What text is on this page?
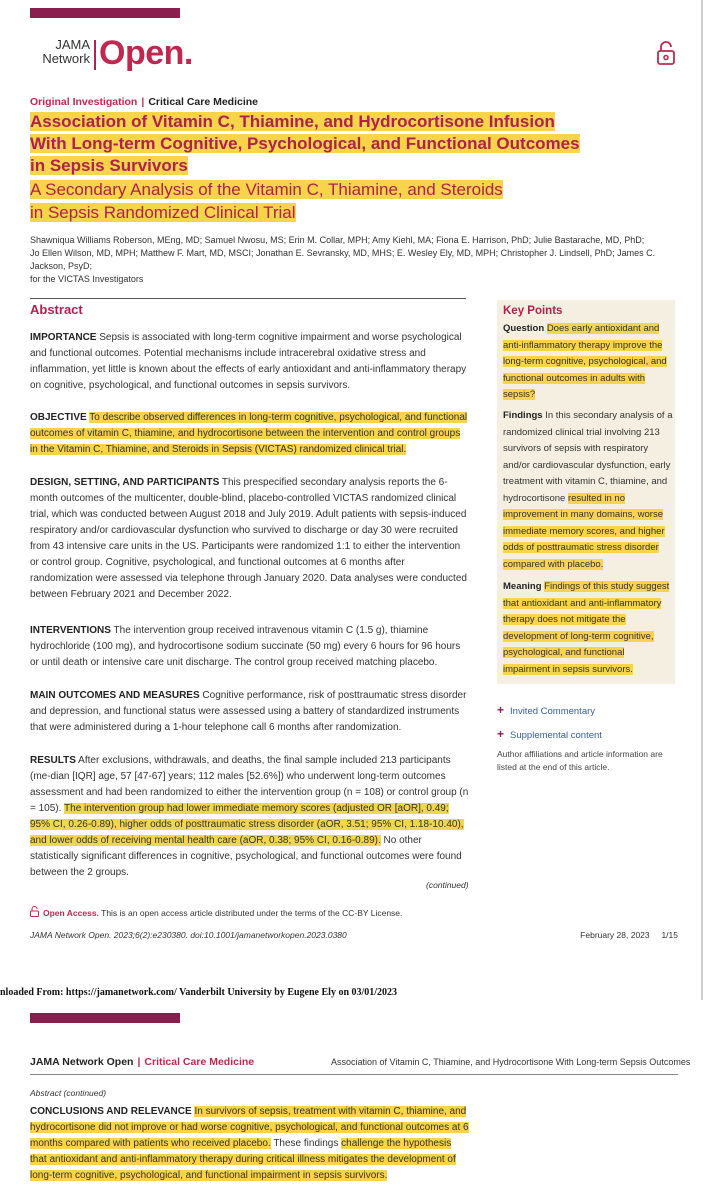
JAMA
Network Open.
Original Investigation | Critical Care Medicine
Association of Vitamin C, Thiamine, and Hydrocortisone Infusion
With Long-term Cognitive, Psychological, and Functional Outcomes
in Sepsis Survivors
A Secondary Analysis of the Vitamin C, Thiamine, and Steroids
in Sepsis Randomized Clinical Trial
Shawniqua Williams Roberson, MEng, MD; Samuel Nwosu, MS; Erin M. Collar, MPH; Amy Kiehl, MA; Fiona E. Harrison, PhD; Julie Bastarache, MD, PhD;
Jo Ellen Wilson, MD, MPH; Matthew F. Mart, MD, MSCI; Jonathan E. Sevransky, MD, MHS; E. Wesley Ely, MD, MPH; Christopher J. Lindsell, PhD; James C. Jackson, PsyD;
for the VICTAS Investigators
Abstract
IMPORTANCE Sepsis is associated with long-term cognitive impairment and worse psychological and functional outcomes. Potential mechanisms include intracerebral oxidative stress and inflammation, yet little is known about the effects of early antioxidant and anti-inflammatory therapy on cognitive, psychological, and functional outcomes in sepsis survivors.
OBJECTIVE To describe observed differences in long-term cognitive, psychological, and functional outcomes of vitamin C, thiamine, and hydrocortisone between the intervention and control groups in the Vitamin C, Thiamine, and Steroids in Sepsis (VICTAS) randomized clinical trial.
DESIGN, SETTING, AND PARTICIPANTS This prespecified secondary analysis reports the 6-month outcomes of the multicenter, double-blind, placebo-controlled VICTAS randomized clinical trial, which was conducted between August 2018 and July 2019. Adult patients with sepsis-induced respiratory and/or cardiovascular dysfunction who survived to discharge or day 30 were recruited from 43 intensive care units in the US. Participants were randomized 1:1 to either the intervention or control group. Cognitive, psychological, and functional outcomes at 6 months after randomization were assessed via telephone through January 2020. Data analyses were conducted between February 2021 and December 2022.
INTERVENTIONS The intervention group received intravenous vitamin C (1.5 g), thiamine hydrochloride (100 mg), and hydrocortisone sodium succinate (50 mg) every 6 hours for 96 hours or until death or intensive care unit discharge. The control group received matching placebo.
MAIN OUTCOMES AND MEASURES Cognitive performance, risk of posttraumatic stress disorder and depression, and functional status were assessed using a battery of standardized instruments that were administered during a 1-hour telephone call 6 months after randomization.
RESULTS After exclusions, withdrawals, and deaths, the final sample included 213 participants (me-dian [IQR] age, 57 [47-67] years; 112 males [52.6%]) who underwent long-term outcomes assessment and had been randomized to either the intervention group (n = 108) or control group (n = 105). The intervention group had lower immediate memory scores (adjusted OR [aOR], 0.49; 95% CI, 0.26-0.89), higher odds of posttraumatic stress disorder (aOR, 3.51; 95% CI, 1.18-10.40), and lower odds of receiving mental health care (aOR, 0.38; 95% CI, 0.16-0.89). No other statistically significant differences in cognitive, psychological, and functional outcomes were found between the 2 groups.
(continued)
Key Points
Question Does early antioxidant and anti-inflammatory therapy improve the long-term cognitive, psychological, and functional outcomes in adults with sepsis?
Findings In this secondary analysis of a randomized clinical trial involving 213 survivors of sepsis with respiratory and/or cardiovascular dysfunction, early treatment with vitamin C, thiamine, and hydrocortisone resulted in no improvement in many domains, worse immediate memory scores, and higher odds of posttraumatic stress disorder compared with placebo.
Meaning Findings of this study suggest that antioxidant and anti-inflammatory therapy does not mitigate the development of long-term cognitive, psychological, and functional impairment in sepsis survivors.
+ Invited Commentary
+ Supplemental content
Author affiliations and article information are listed at the end of this article.
Open Access. This is an open access article distributed under the terms of the CC-BY License.
JAMA Network Open. 2023;6(2):e230380. doi:10.1001/jamanetworkopen.2023.0380	February 28, 2023 1/15
nloaded From: https://jamanetwork.com/ Vanderbilt University by Eugene Ely on 03/01/2023
JAMA Network Open | Critical Care Medicine	Association of Vitamin C, Thiamine, and Hydrocortisone With Long-term Sepsis Outcomes
Abstract (continued)
CONCLUSIONS AND RELEVANCE In survivors of sepsis, treatment with vitamin C, thiamine, and hydrocortisone did not improve or had worse cognitive, psychological, and functional outcomes at 6 months compared with patients who received placebo. These findings challenge the hypothesis that antioxidant and anti-inflammatory therapy during critical illness mitigates the development of long-term cognitive, psychological, and functional impairment in sepsis survivors.
